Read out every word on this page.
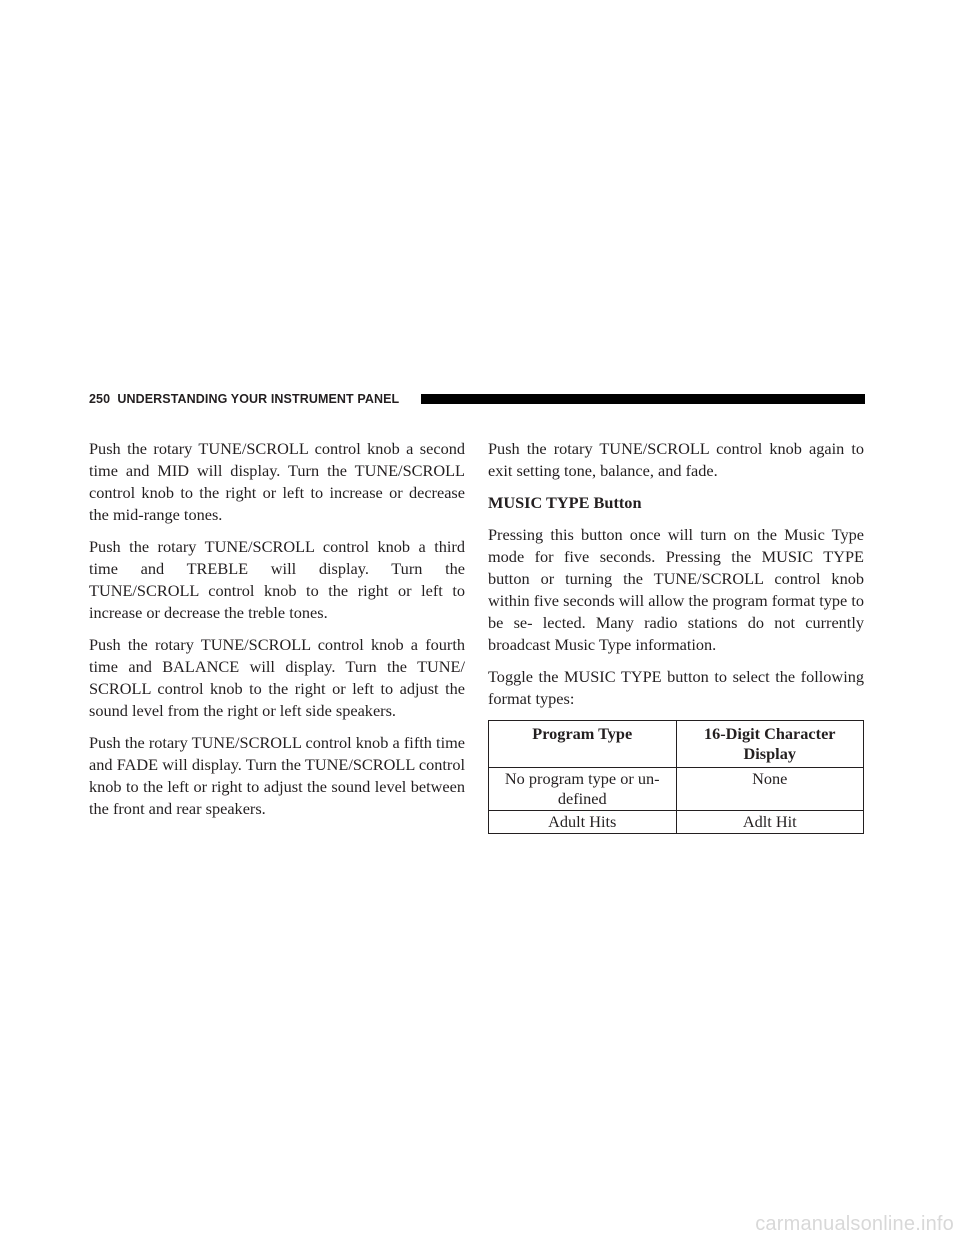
250 UNDERSTANDING YOUR INSTRUMENT PANEL

Push the rotary TUNE/SCROLL control knob a second time and MID will display. Turn the TUNE/SCROLL control knob to the right or left to increase or decrease the mid-range tones.

Push the rotary TUNE/SCROLL control knob a third time and TREBLE will display. Turn the TUNE/SCROLL control knob to the right or left to increase or decrease the treble tones.

Push the rotary TUNE/SCROLL control knob a fourth time and BALANCE will display. Turn the TUNE/ SCROLL control knob to the right or left to adjust the sound level from the right or left side speakers.

Push the rotary TUNE/SCROLL control knob a fifth time and FADE will display. Turn the TUNE/SCROLL control knob to the left or right to adjust the sound level between the front and rear speakers.

Push the rotary TUNE/SCROLL control knob again to exit setting tone, balance, and fade.

MUSIC TYPE Button

Pressing this button once will turn on the Music Type mode for five seconds. Pressing the MUSIC TYPE button or turning the TUNE/SCROLL control knob within five seconds will allow the program format type to be se- lected. Many radio stations do not currently broadcast Music Type information.

Toggle the MUSIC TYPE button to select the following format types:

Program Type	16-Digit Character Display
No program type or un- defined	None
Adult Hits	Adlt Hit
carmanualsonline.info
